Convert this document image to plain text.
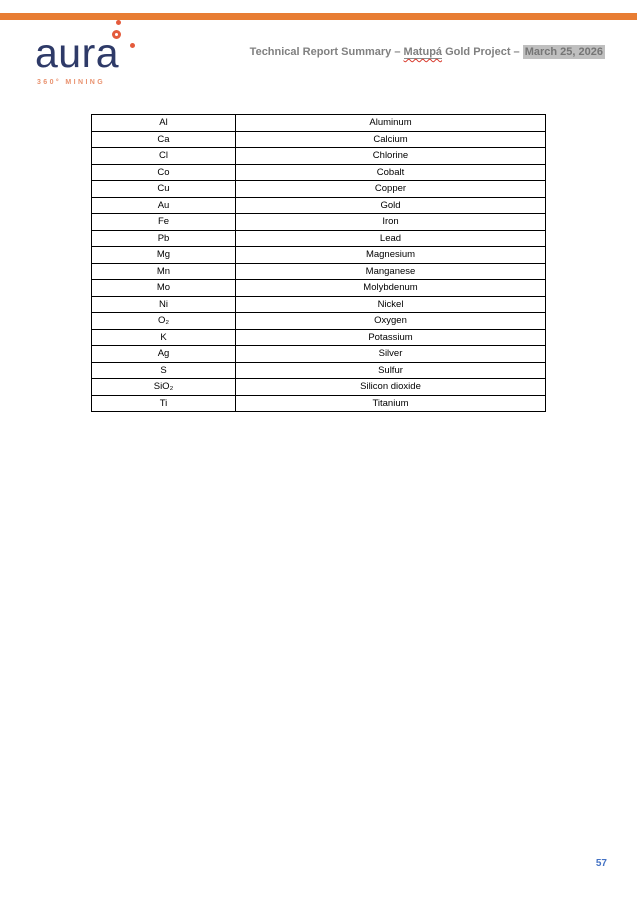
aura
360° MINING
Technical Report Summary – Matupá Gold Project – March 25, 2026
Al	Aluminum
Ca	Calcium
Cl	Chlorine
Co	Cobalt
Cu	Copper
Au	Gold
Fe	Iron
Pb	Lead
Mg	Magnesium
Mn	Manganese
Mo	Molybdenum
Ni	Nickel
O₂	Oxygen
K	Potassium
Ag	Silver
S	Sulfur
SiO₂	Silicon dioxide
Ti	Titanium
57
